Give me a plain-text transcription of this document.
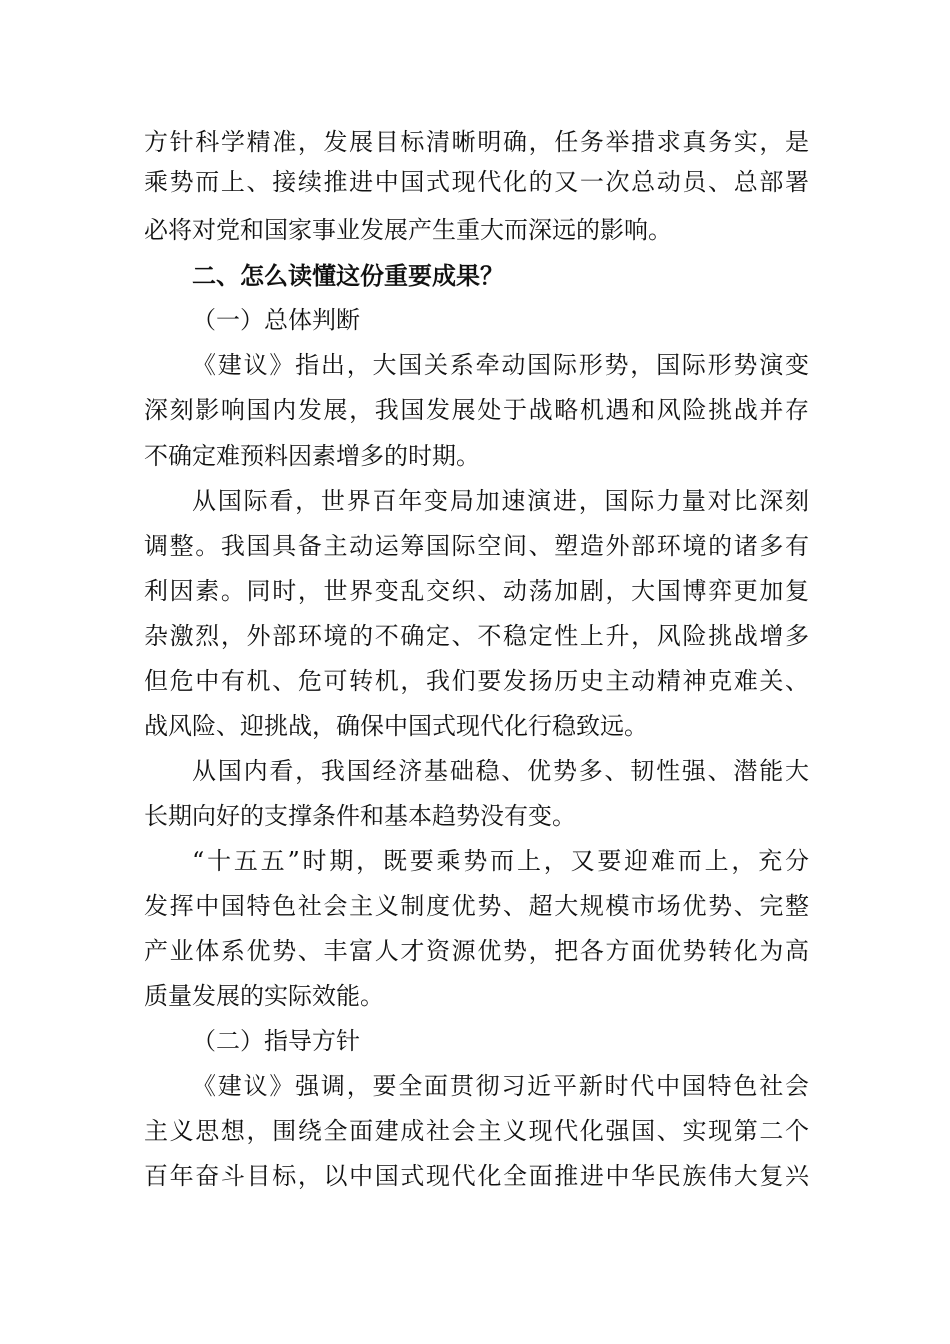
方针科学精准，发展目标清晰明确，任务举措求真务实，是
乘势而上、接续推进中国式现代化的又一次总动员、总部署
必将对党和国家事业发展产生重大而深远的影响。
二、怎么读懂这份重要成果？
（一）总体判断
《建议》指出，大国关系牵动国际形势，国际形势演变
深刻影响国内发展，我国发展处于战略机遇和风险挑战并存
不确定难预料因素增多的时期。
从国际看，世界百年变局加速演进，国际力量对比深刻
调整。我国具备主动运筹国际空间、塑造外部环境的诸多有
利因素。同时，世界变乱交织、动荡加剧，大国博弈更加复
杂激烈，外部环境的不确定、不稳定性上升，风险挑战增多
但危中有机、危可转机，我们要发扬历史主动精神克难关、
战风险、迎挑战，确保中国式现代化行稳致远。
从国内看，我国经济基础稳、优势多、韧性强、潜能大
长期向好的支撑条件和基本趋势没有变。
“十五五”时期，既要乘势而上，又要迎难而上，充分
发挥中国特色社会主义制度优势、超大规模市场优势、完整
产业体系优势、丰富人才资源优势，把各方面优势转化为高
质量发展的实际效能。
（二）指导方针
《建议》强调，要全面贯彻习近平新时代中国特色社会
主义思想，围绕全面建成社会主义现代化强国、实现第二个
百年奋斗目标，以中国式现代化全面推进中华民族伟大复兴
